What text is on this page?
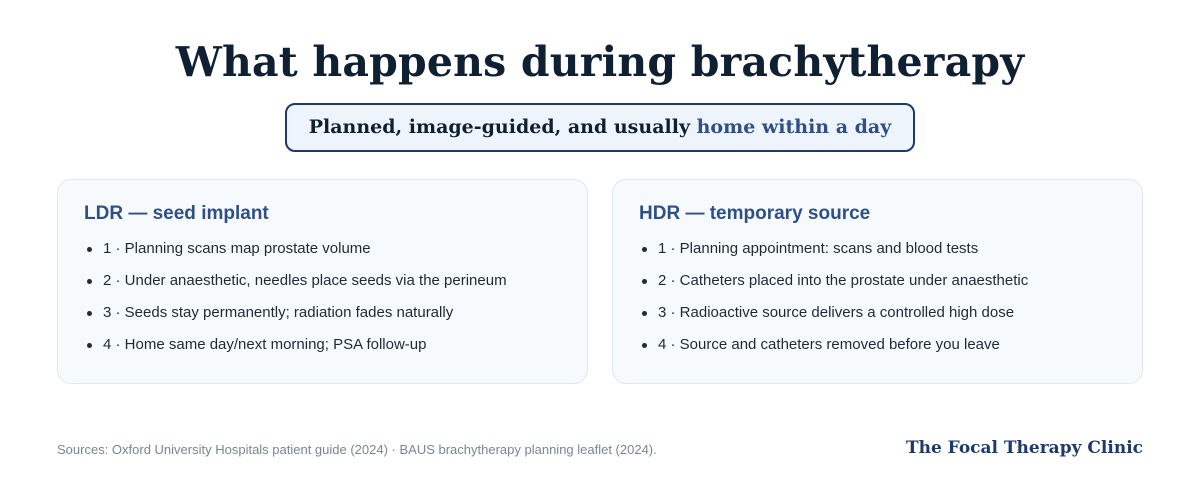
What happens during brachytherapy
Planned, image-guided, and usually home within a day
LDR — seed implant
1 · Planning scans map prostate volume
2 · Under anaesthetic, needles place seeds via the perineum
3 · Seeds stay permanently; radiation fades naturally
4 · Home same day/next morning; PSA follow-up
HDR — temporary source
1 · Planning appointment: scans and blood tests
2 · Catheters placed into the prostate under anaesthetic
3 · Radioactive source delivers a controlled high dose
4 · Source and catheters removed before you leave
Sources: Oxford University Hospitals patient guide (2024) · BAUS brachytherapy planning leaflet (2024).	The Focal Therapy Clinic
